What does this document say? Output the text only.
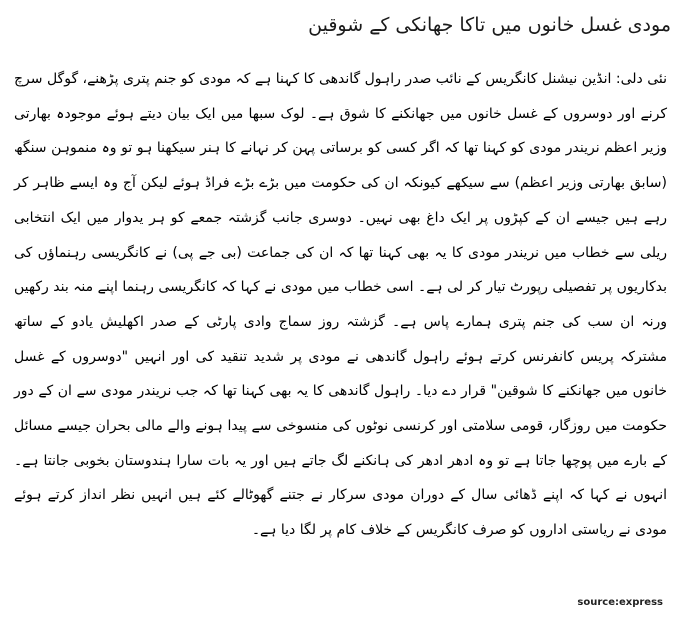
مودی غسل خانوں میں تاکا جھانکی کے شوقین

نئی دلی: انڈین نیشنل کانگریس کے نائب صدر راہول گاندھی کا کہنا ہے کہ مودی کو جنم پتری پڑھنے، گوگل سرچ کرنے اور دوسروں کے غسل خانوں میں جھانکنے کا شوق ہے۔ لوک سبھا میں ایک بیان دیتے ہوئے موجودہ بھارتی وزیر اعظم نریندر مودی کو کہنا تھا کہ اگر کسی کو برساتی پہن کر نہانے کا ہنر سیکھنا ہو تو وہ منموہن سنگھ (سابق بھارتی وزیر اعظم) سے سیکھے کیونکہ ان کی حکومت میں بڑے بڑے فراڈ ہوئے لیکن آج وہ ایسے ظاہر کر رہے ہیں جیسے ان کے کپڑوں پر ایک داغ بھی نہیں۔ دوسری جانب گزشتہ جمعے کو ہر یدوار میں ایک انتخابی ریلی سے خطاب میں نریندر مودی کا یہ بھی کہنا تھا کہ ان کی جماعت (بی جے پی) نے کانگریسی رہنماؤں کی بدکاریوں پر تفصیلی رپورٹ تیار کر لی ہے۔ اسی خطاب میں مودی نے کہا کہ کانگریسی رہنما اپنے منہ بند رکھیں ورنہ ان سب کی جنم پتری ہمارے پاس ہے۔ گزشتہ روز سماج وادی پارٹی کے صدر اکھلیش یادو کے ساتھ مشترکہ پریس کانفرنس کرتے ہوئے راہول گاندھی نے مودی پر شدید تنقید کی اور انہیں "دوسروں کے غسل خانوں میں جھانکنے کا شوقین" قرار دے دیا۔ راہول گاندھی کا یہ بھی کہنا تھا کہ جب نریندر مودی سے ان کے دور حکومت میں روزگار، قومی سلامتی اور کرنسی نوٹوں کی منسوخی سے پیدا ہونے والے مالی بحران جیسے مسائل کے بارے میں پوچھا جاتا ہے تو وہ ادھر ادھر کی ہانکنے لگ جاتے ہیں اور یہ بات سارا ہندوستان بخوبی جانتا ہے۔ انہوں نے کہا کہ اپنے ڈھائی سال کے دوران مودی سرکار نے جتنے گھوٹالے کئے ہیں انہیں نظر انداز کرتے ہوئے مودی نے ریاستی اداروں کو صرف کانگریس کے خلاف کام پر لگا دیا ہے۔

source:express
